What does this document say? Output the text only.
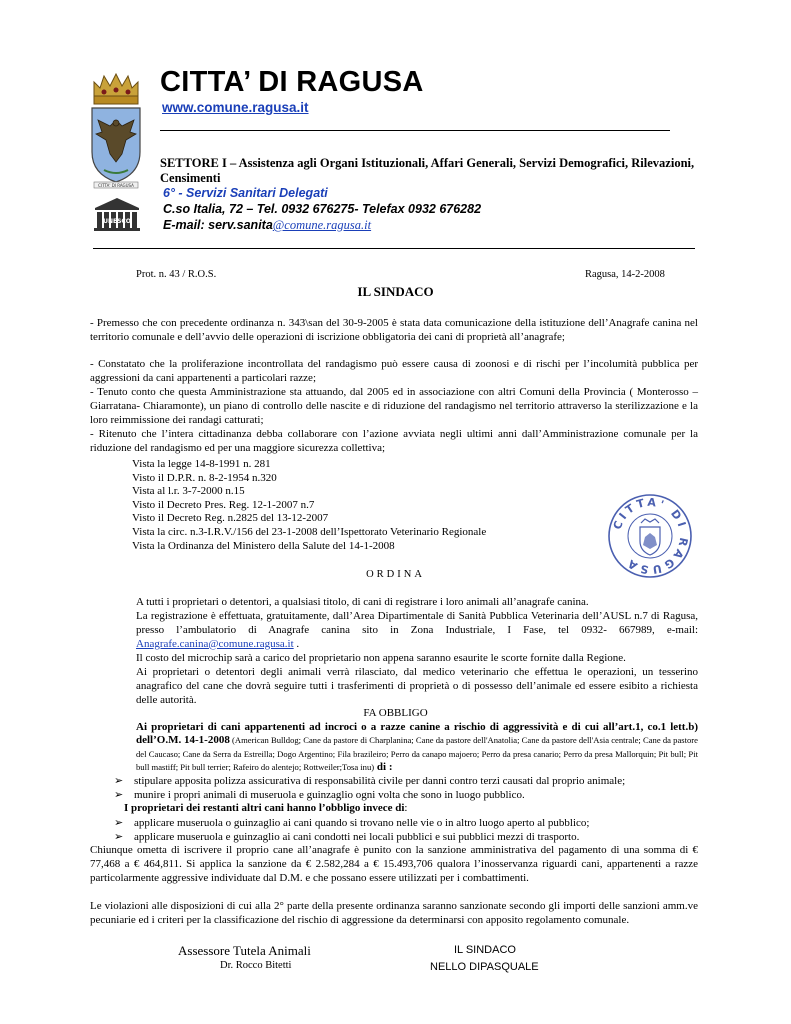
CITTA' DI RAGUSA
UNESCO
CITTA’ DI RAGUSA
www.comune.ragusa.it
SETTORE I – Assistenza agli Organi Istituzionali, Affari Generali, Servizi Demografici, Rilevazioni, Censimenti
6° - Servizi Sanitari Delegati
C.so Italia, 72 – Tel. 0932 676275- Telefax 0932 676282
E-mail: serv.sanita@comune.ragusa.it
Prot. n. 43 / R.O.S.	Ragusa, 14-2-2008
IL SINDACO
- Premesso che con precedente ordinanza n. 343\san del 30-9-2005 è stata data comunicazione della istituzione dell’Anagrafe canina nel territorio comunale e dell’avvio delle operazioni di iscrizione obbligatoria dei cani di proprietà all’anagrafe;
- Constatato che la proliferazione incontrollata del randagismo può essere causa di zoonosi e di rischi per l’incolumità pubblica per aggressioni da cani appartenenti a particolari razze;
- Tenuto conto che questa Amministrazione sta attuando, dal 2005 ed in associazione con altri Comuni della Provincia ( Monterosso – Giarratana- Chiaramonte), un piano di controllo delle nascite e di riduzione del randagismo nel territorio attraverso la sterilizzazione e la loro reimmissione dei randagi catturati;
- Ritenuto che l’intera cittadinanza debba collaborare con l’azione avviata negli ultimi anni dall’Amministrazione comunale per la riduzione del randagismo ed per una maggiore sicurezza collettiva;
Vista la legge 14-8-1991 n. 281
Visto il D.P.R. n. 8-2-1954 n.320
Vista al l.r. 3-7-2000 n.15
Visto il Decreto Pres. Reg. 12-1-2007 n.7
Visto il Decreto Reg. n.2825 del 13-12-2007
Vista la circ. n.3-I.R.V./156 del 23-1-2008 dell’Ispettorato Veterinario Regionale
Vista la Ordinanza del Ministero della Salute del 14-1-2008
CITTA' DI RAGUSA
ORDINA
A tutti i proprietari o detentori, a qualsiasi titolo, di cani di registrare i loro animali all’anagrafe canina.
La registrazione è effettuata, gratuitamente, dall’Area Dipartimentale di Sanità Pubblica Veterinaria dell’AUSL n.7 di Ragusa, presso l’ambulatorio di Anagrafe canina sito in Zona Industriale, I Fase, tel 0932- 667989, e-mail: Anagrafe.canina@comune.ragusa.it .
Il costo del microchip sarà a carico del proprietario non appena saranno esaurite le scorte fornite dalla Regione.
Ai proprietari o detentori degli animali verrà rilasciato, dal medico veterinario che effettua le operazioni, un tesserino anagrafico del cane che dovrà seguire tutti i trasferimenti di proprietà o di possesso dell’animale ed essere esibito a richiesta delle autorità.
FA OBBLIGO
Ai proprietari di cani appartenenti ad incroci o a razze canine a rischio di aggressività e di cui all’art.1, co.1 lett.b) dell’O.M. 14-1-2008 (American Bulldog; Cane da pastore di Charplanina; Cane da pastore dell'Anatolia; Cane da pastore dell'Asia centrale; Cane da pastore del Caucaso; Cane da Serra da Estreilla; Dogo Argentino; Fila brazileiro; Perro da canapo majoero; Perro da presa canario; Perro da presa Mallorquin; Pit bull; Pit bull mastiff; Pit bull terrier; Rafeiro do alentejo; Rottweiler;Tosa inu) di :
➢ stipulare apposita polizza assicurativa di responsabilità civile per danni contro terzi causati dal proprio animale;
➢ munire i propri animali di museruola e guinzaglio ogni volta che sono in luogo pubblico.
I proprietari dei restanti altri cani hanno l’obbligo invece di:
➢ applicare museruola o guinzaglio ai cani quando si trovano nelle vie o in altro luogo aperto al pubblico;
➢ applicare museruola e guinzaglio ai cani condotti nei locali pubblici e sui pubblici mezzi di trasporto.
Chiunque ometta di iscrivere il proprio cane all’anagrafe è punito con la sanzione amministrativa del pagamento di una somma di € 77,468 a € 464,811. Si applica la sanzione da € 2.582,284 a € 15.493,706 qualora l’inosservanza riguardi cani, appartenenti a razze particolarmente aggressive individuate dal D.M. e che possano essere utilizzati per i combattimenti.
Le violazioni alle disposizioni di cui alla 2° parte della presente ordinanza saranno sanzionate secondo gli importi delle sanzioni amm.ve pecuniarie ed i criteri per la classificazione del rischio di aggressione da determinarsi con apposito regolamento comunale.
Assessore Tutela Animali
Dr. Rocco Bitetti
IL SINDACO
NELLO DIPASQUALE
